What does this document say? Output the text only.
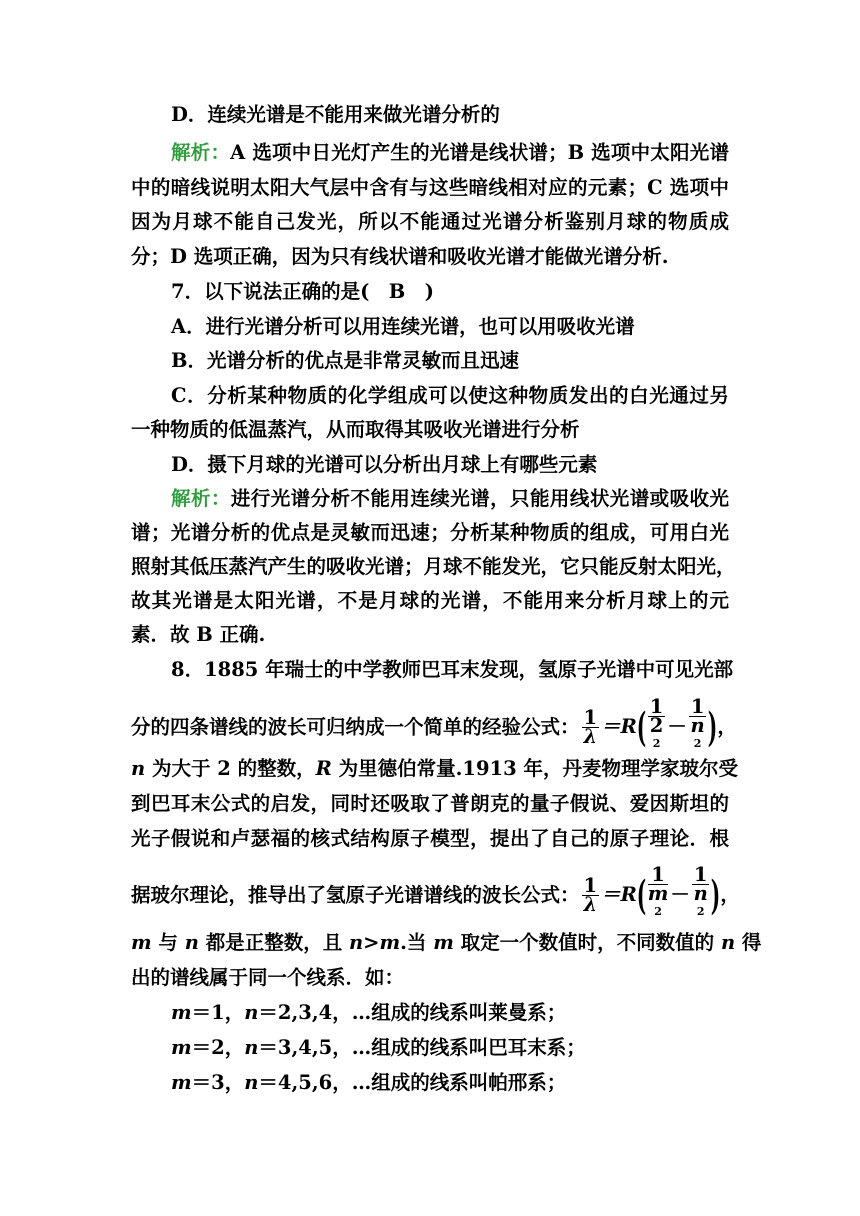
D．连续光谱是不能用来做光谱分析的
解析：A 选项中日光灯产生的光谱是线状谱；B 选项中太阳光谱
中的暗线说明太阳大气层中含有与这些暗线相对应的元素；C 选项中
因为月球不能自己发光，所以不能通过光谱分析鉴别月球的物质成
分；D 选项正确，因为只有线状谱和吸收光谱才能做光谱分析.
7．以下说法正确的是(　B　)
A．进行光谱分析可以用连续光谱，也可以用吸收光谱
B．光谱分析的优点是非常灵敏而且迅速
C．分析某种物质的化学组成可以使这种物质发出的白光通过另
一种物质的低温蒸汽，从而取得其吸收光谱进行分析
D．摄下月球的光谱可以分析出月球上有哪些元素
解析：进行光谱分析不能用连续光谱，只能用线状光谱或吸收光
谱；光谱分析的优点是灵敏而迅速；分析某种物质的组成，可用白光
照射其低压蒸汽产生的吸收光谱；月球不能发光，它只能反射太阳光，
故其光谱是太阳光谱，不是月球的光谱，不能用来分析月球上的元
素．故 B 正确.
8．1885 年瑞士的中学教师巴耳末发现，氢原子光谱中可见光部
分的四条谱线的波长可归纳成一个简单的经验公式： $\frac{1}{\lambda} =R$( 1
2
$^2$ － 1
n
$^2$ )，
n 为大于 2 的整数，R 为里德伯常量.1913 年，丹麦物理学家玻尔受
到巴耳末公式的启发，同时还吸取了普朗克的量子假说、爱因斯坦的
光子假说和卢瑟福的核式结构原子模型，提出了自己的原子理论．根
据玻尔理论，推导出了氢原子光谱谱线的波长公式： $\frac{1}{\lambda} =R$( 1
m
$^2$ － 1
n
$^2$ )，
m 与 n 都是正整数，且 n>m.当 m 取定一个数值时，不同数值的 n 得
出的谱线属于同一个线系．如：
m＝1，n＝2,3,4，…组成的线系叫莱曼系；
m＝2，n＝3,4,5，…组成的线系叫巴耳末系；
m＝3，n＝4,5,6，…组成的线系叫帕邢系；
